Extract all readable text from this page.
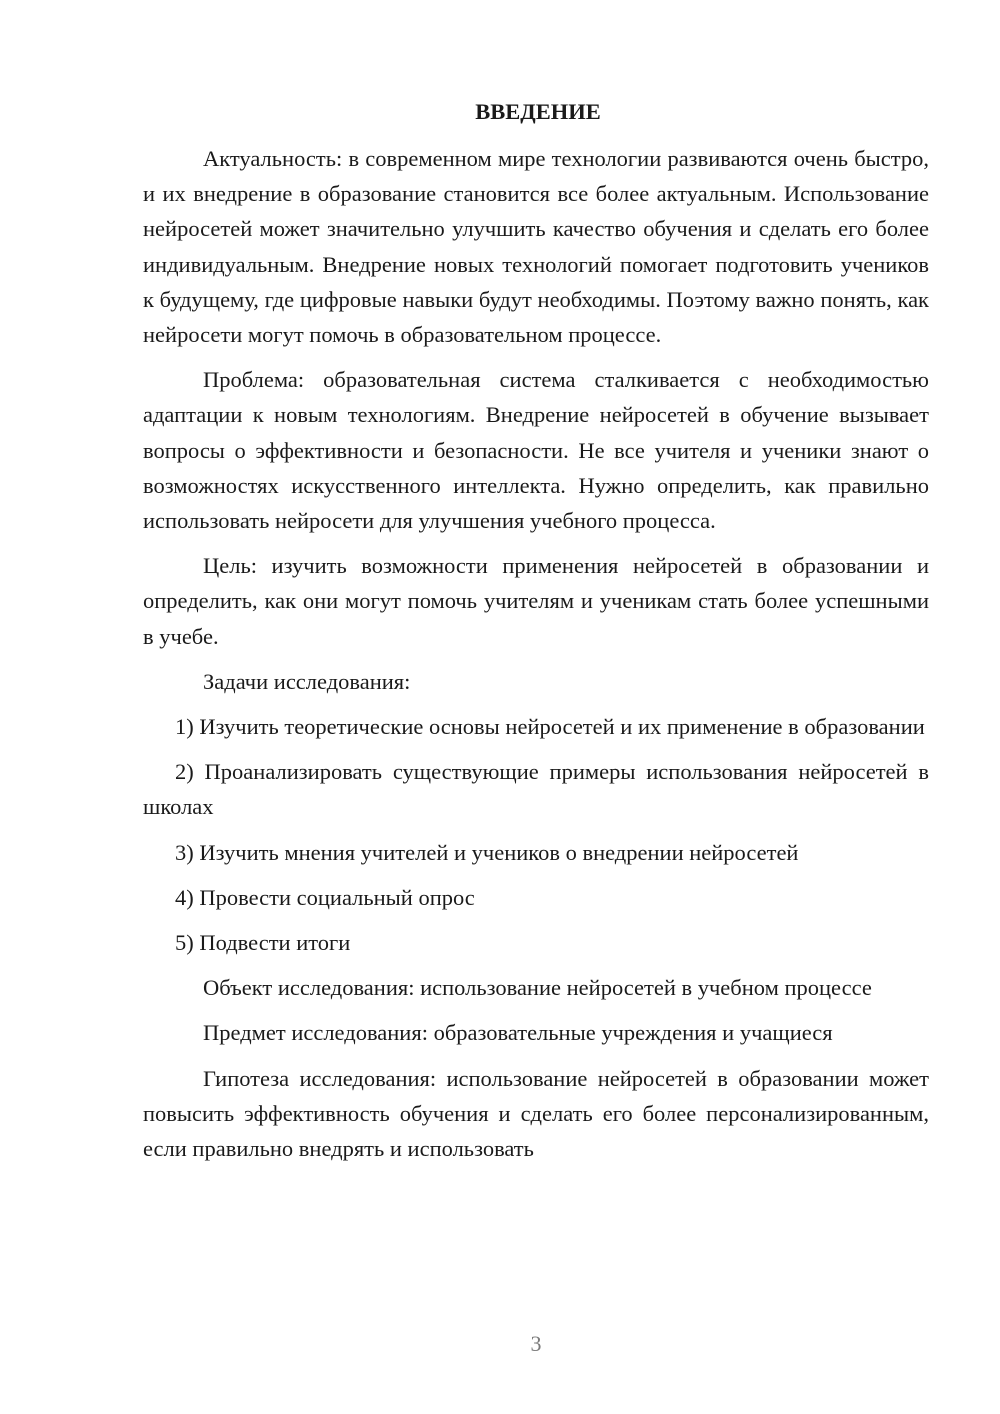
ВВЕДЕНИЕ

Актуальность: в современном мире технологии развиваются очень быстро, и их внедрение в образование становится все более актуальным. Использование нейросетей может значительно улучшить качество обучения и сделать его более индивидуальным. Внедрение новых технологий помогает подготовить учеников к будущему, где цифровые навыки будут необходимы. Поэтому важно понять, как нейросети могут помочь в образовательном процессе.

Проблема: образовательная система сталкивается с необходимостью адаптации к новым технологиям. Внедрение нейросетей в обучение вызывает вопросы о эффективности и безопасности. Не все учителя и ученики знают о возможностях искусственного интеллекта. Нужно определить, как правильно использовать нейросети для улучшения учебного процесса.

Цель: изучить возможности применения нейросетей в образовании и определить, как они могут помочь учителям и ученикам стать более успешными в учебе.

Задачи исследования:

1) Изучить теоретические основы нейросетей и их применение в образовании

2) Проанализировать существующие примеры использования нейросетей в школах

3) Изучить мнения учителей и учеников о внедрении нейросетей

4) Провести социальный опрос

5) Подвести итоги

Объект исследования: использование нейросетей в учебном процессе

Предмет исследования: образовательные учреждения и учащиеся

Гипотеза исследования: использование нейросетей в образовании может повысить эффективность обучения и сделать его более персонализированным, если правильно внедрять и использовать

3
